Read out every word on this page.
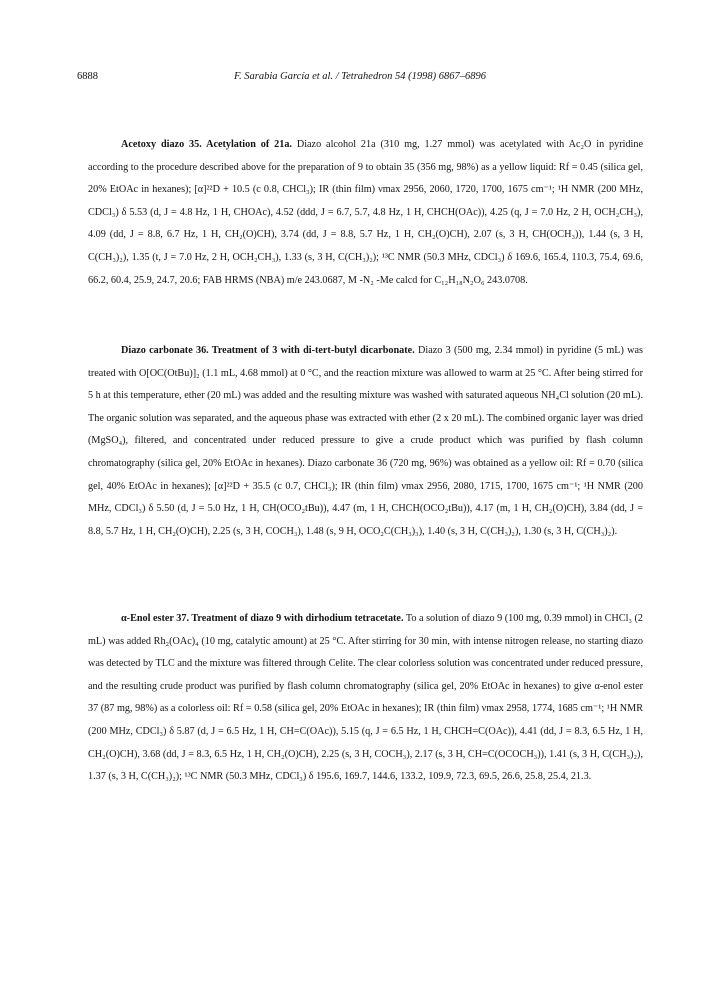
6888	F. Sarabia García et al. / Tetrahedron 54 (1998) 6867–6896

Acetoxy diazo 35. Acetylation of 21a. Diazo alcohol 21a (310 mg, 1.27 mmol) was acetylated with Ac₂O in pyridine according to the procedure described above for the preparation of 9 to obtain 35 (356 mg, 98%) as a yellow liquid: Rf = 0.45 (silica gel, 20% EtOAc in hexanes); [α]²²D + 10.5 (c 0.8, CHCl₃); IR (thin film) νmax 2956, 2060, 1720, 1700, 1675 cm⁻¹; ¹H NMR (200 MHz, CDCl₃) δ 5.53 (d, J = 4.8 Hz, 1 H, CHOAc), 4.52 (ddd, J = 6.7, 5.7, 4.8 Hz, 1 H, CHCH(OAc)), 4.25 (q, J = 7.0 Hz, 2 H, OCH₂CH₃), 4.09 (dd, J = 8.8, 6.7 Hz, 1 H, CH₂(O)CH), 3.74 (dd, J = 8.8, 5.7 Hz, 1 H, CH₂(O)CH), 2.07 (s, 3 H, CH(OCH₃)), 1.44 (s, 3 H, C(CH₃)₂), 1.35 (t, J = 7.0 Hz, 2 H, OCH₂CH₃), 1.33 (s, 3 H, C(CH₃)₂); ¹³C NMR (50.3 MHz, CDCl₃) δ 169.6, 165.4, 110.3, 75.4, 69.6, 66.2, 60.4, 25.9, 24.7, 20.6; FAB HRMS (NBA) m/e 243.0687, M -N₂ -Me calcd for C₁₂H₁₈N₂O₆ 243.0708.

Diazo carbonate 36. Treatment of 3 with di-tert-butyl dicarbonate. Diazo 3 (500 mg, 2.34 mmol) in pyridine (5 mL) was treated with O[OC(OtBu)]₂ (1.1 mL, 4.68 mmol) at 0 °C, and the reaction mixture was allowed to warm at 25 °C. After being stirred for 5 h at this temperature, ether (20 mL) was added and the resulting mixture was washed with saturated aqueous NH₄Cl solution (20 mL). The organic solution was separated, and the aqueous phase was extracted with ether (2 x 20 mL). The combined organic layer was dried (MgSO₄), filtered, and concentrated under reduced pressure to give a crude product which was purified by flash column chromatography (silica gel, 20% EtOAc in hexanes). Diazo carbonate 36 (720 mg, 96%) was obtained as a yellow oil: Rf = 0.70 (silica gel, 40% EtOAc in hexanes); [α]²²D + 35.5 (c 0.7, CHCl₃); IR (thin film) νmax 2956, 2080, 1715, 1700, 1675 cm⁻¹; ¹H NMR (200 MHz, CDCl₃) δ 5.50 (d, J = 5.0 Hz, 1 H, CH(OCO₂tBu)), 4.47 (m, 1 H, CHCH(OCO₂tBu)), 4.17 (m, 1 H, CH₂(O)CH), 3.84 (dd, J = 8.8, 5.7 Hz, 1 H, CH₂(O)CH), 2.25 (s, 3 H, COCH₃), 1.48 (s, 9 H, OCO₂C(CH₃)₃), 1.40 (s, 3 H, C(CH₃)₂), 1.30 (s, 3 H, C(CH₃)₂).

α-Enol ester 37. Treatment of diazo 9 with dirhodium tetracetate. To a solution of diazo 9 (100 mg, 0.39 mmol) in CHCl₃ (2 mL) was added Rh₂(OAc)₄ (10 mg, catalytic amount) at 25 °C. After stirring for 30 min, with intense nitrogen release, no starting diazo was detected by TLC and the mixture was filtered through Celite. The clear colorless solution was concentrated under reduced pressure, and the resulting crude product was purified by flash column chromatography (silica gel, 20% EtOAc in hexanes) to give α-enol ester 37 (87 mg, 98%) as a colorless oil: Rf = 0.58 (silica gel, 20% EtOAc in hexanes); IR (thin film) νmax 2958, 1774, 1685 cm⁻¹; ¹H NMR (200 MHz, CDCl₃) δ 5.87 (d, J = 6.5 Hz, 1 H, CH=C(OAc)), 5.15 (q, J = 6.5 Hz, 1 H, CHCH=C(OAc)), 4.41 (dd, J = 8.3, 6.5 Hz, 1 H, CH₂(O)CH), 3.68 (dd, J = 8.3, 6.5 Hz, 1 H, CH₂(O)CH), 2.25 (s, 3 H, COCH₃), 2.17 (s, 3 H, CH=C(OCOCH₃)), 1.41 (s, 3 H, C(CH₃)₂), 1.37 (s, 3 H, C(CH₃)₂); ¹³C NMR (50.3 MHz, CDCl₃) δ 195.6, 169.7, 144.6, 133.2, 109.9, 72.3, 69.5, 26.6, 25.8, 25.4, 21.3.
